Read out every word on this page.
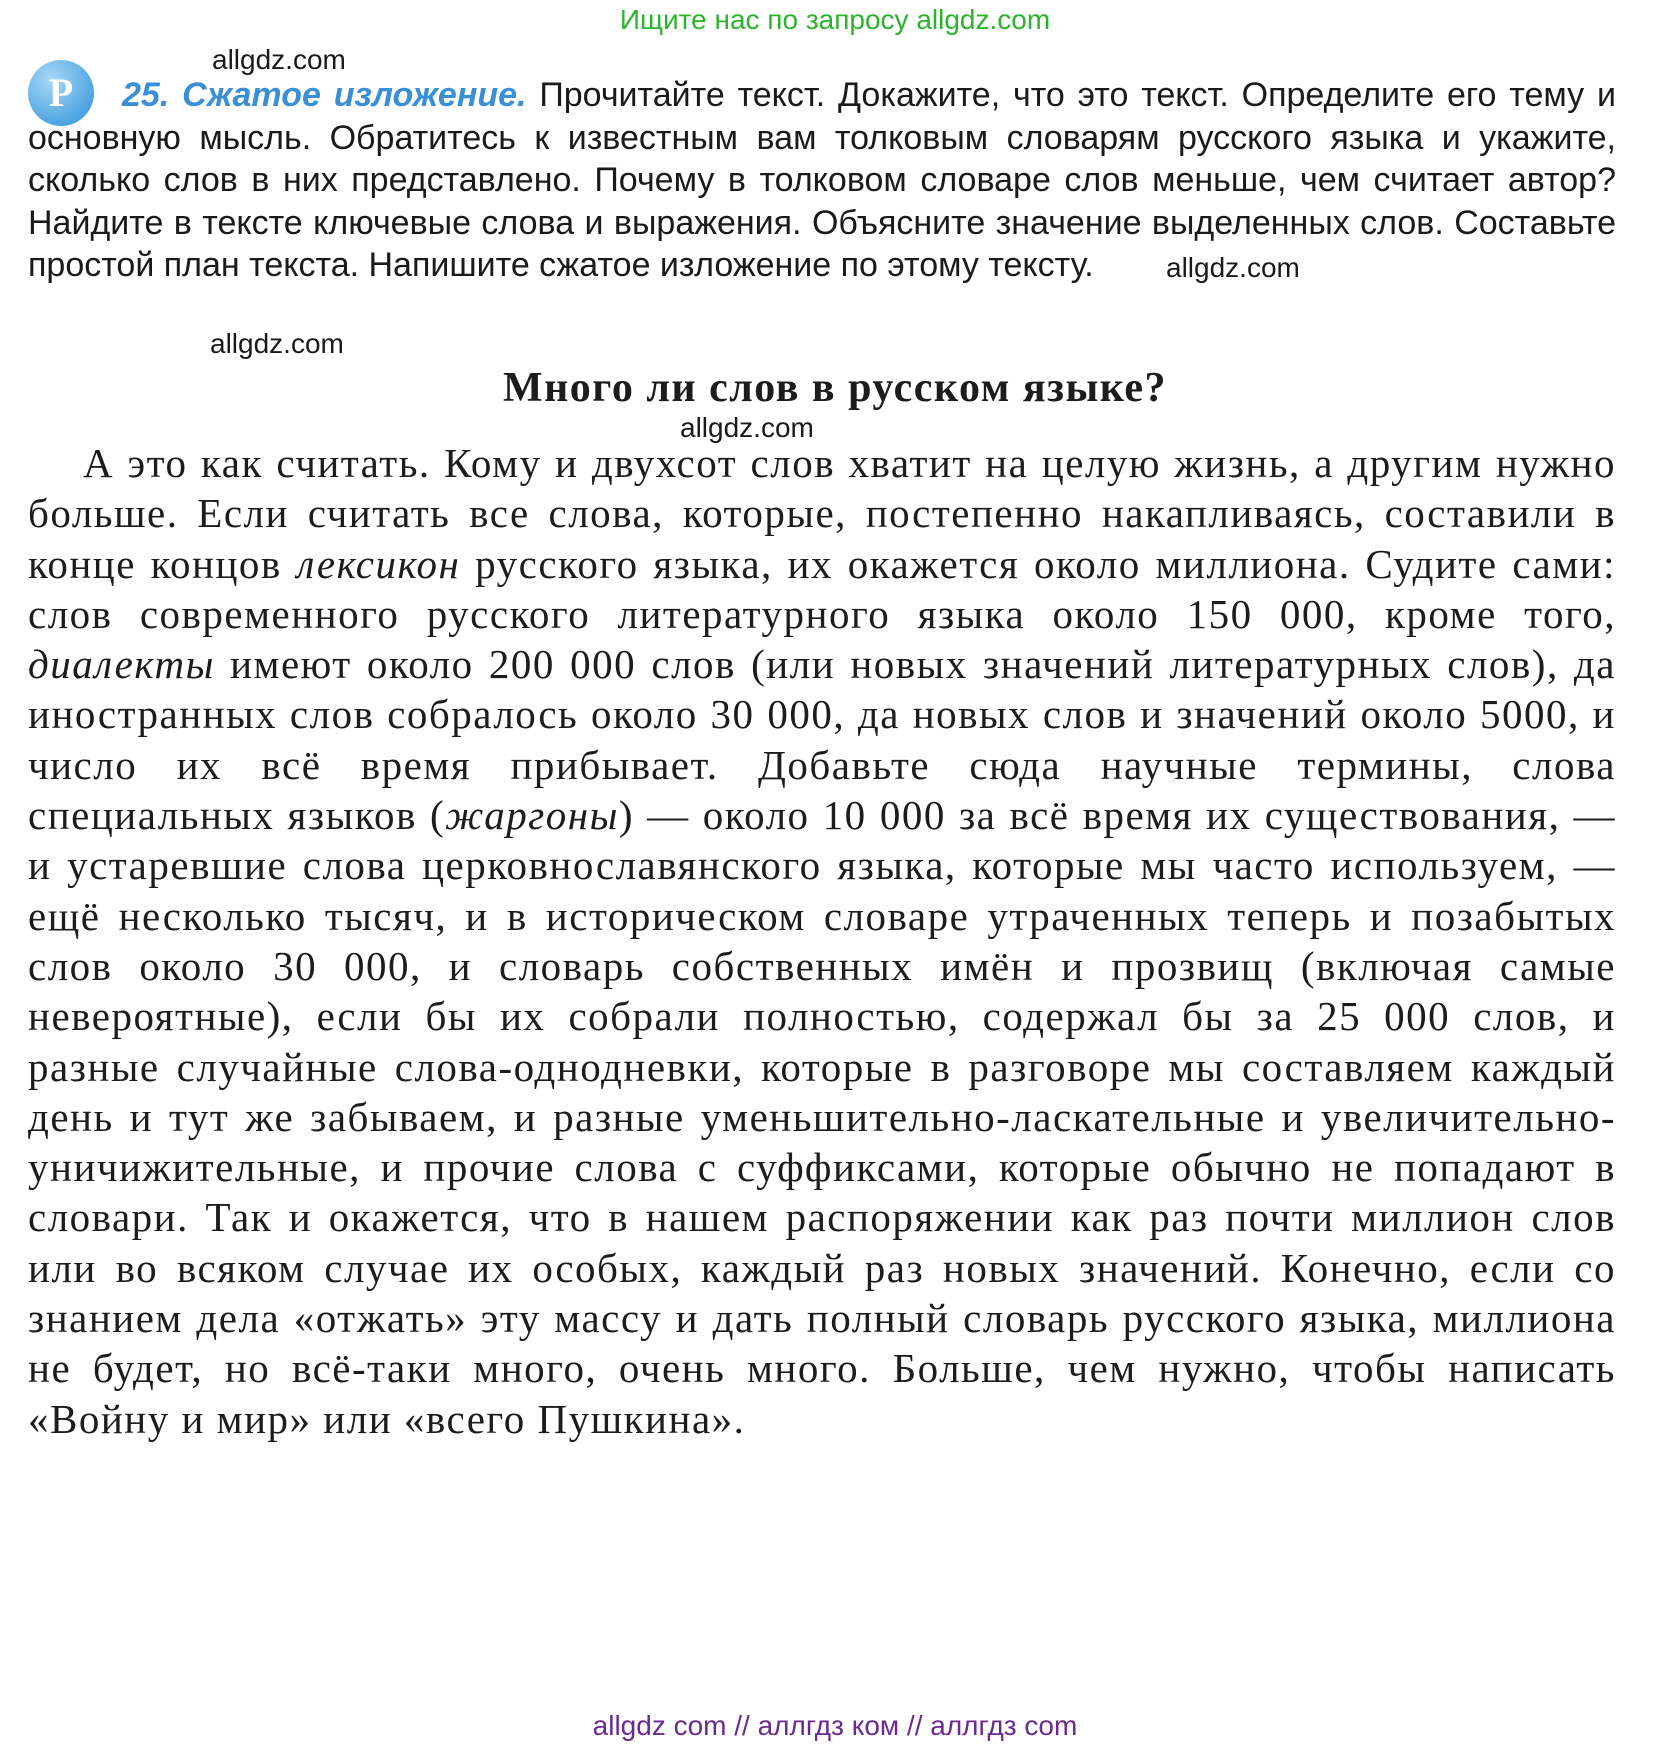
Ищите нас по запросу allgdz.com
Р	25. Сжатое изложение. Прочитайте текст. Докажите, что это текст. Определите его тему и основную мысль. Обратитесь к известным вам толковым словарям русского языка и укажите, сколько слов в них представлено. Почему в толковом словаре слов меньше, чем считает автор? Найдите в тексте ключевые слова и выражения. Объясните значение выделенных слов. Составьте простой план текста. Напишите сжатое изложение по этому тексту.
Много ли слов в русском языке?

А это как считать. Кому и двухсот слов хватит на целую жизнь, а другим нужно больше. Если считать все слова, которые, постепенно накапливаясь, составили в конце концов лексикон русского языка, их окажется около миллиона. Судите сами: слов современного русского литературного языка около 150 000, кроме того, диалекты имеют около 200 000 слов (или новых значений литературных слов), да иностранных слов собралось около 30 000, да новых слов и значений около 5000, и число их всё время прибывает. Добавьте сюда научные термины, слова специальных языков (жаргоны) — около 10 000 за всё время их существования, — и устаревшие слова церковнославянского языка, которые мы часто используем, — ещё несколько тысяч, и в историческом словаре утраченных теперь и позабытых слов около 30 000, и словарь собственных имён и прозвищ (включая самые невероятные), если бы их собрали полностью, содержал бы за 25 000 слов, и разные случайные слова-однодневки, которые в разговоре мы составляем каждый день и тут же забываем, и разные уменьшительно-ласкательные и увеличительно-уничижительные, и прочие слова с суффиксами, которые обычно не попадают в словари. Так и окажется, что в нашем распоряжении как раз почти миллион слов или во всяком случае их особых, каждый раз новых значений. Конечно, если со знанием дела «отжать» эту массу и дать полный словарь русского языка, миллиона не будет, но всё-таки много, очень много. Больше, чем нужно, чтобы написать «Войну и мир» или «всего Пушкина».

allgdz.com
allgdz.com
allgdz.com
allgdz.com
allgdz com // аллгдз ком // аллгдз com
